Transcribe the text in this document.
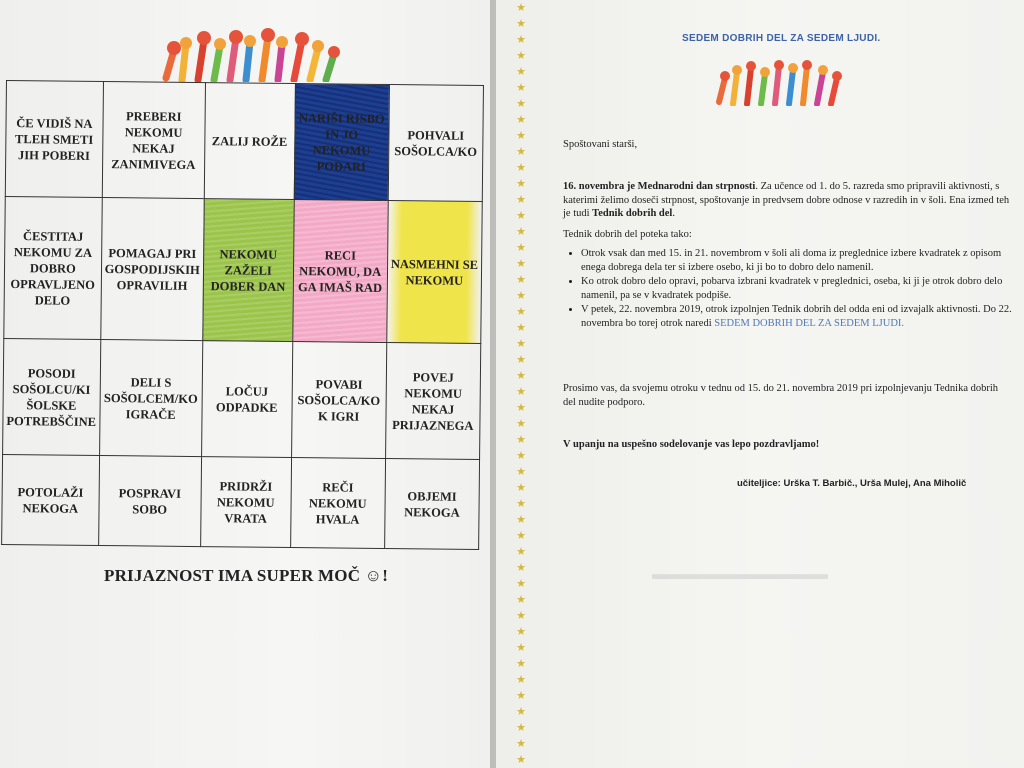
ČE VIDIŠ NA TLEH SMETI JIH POBERI	PREBERI NEKOMU NEKAJ ZANIMIVEGA	ZALIJ ROŽE	NARIŠI RISBO IN JO NEKOMU PODARI	POHVALI SOŠOLCA/KO
ČESTITAJ NEKOMU ZA DOBRO OPRAVLJENO DELO	POMAGAJ PRI GOSPODIJSKIH OPRAVILIH	NEKOMU ZAŽELI DOBER DAN	RECI NEKOMU, DA GA IMAŠ RAD	NASMEHNI SE NEKOMU
POSODI SOŠOLCU/KI ŠOLSKE POTREBŠČINE	DELI S SOŠOLCEM/KO IGRAČE	LOČUJ ODPADKE	POVABI SOŠOLCA/KO K IGRI	POVEJ NEKOMU NEKAJ PRIJAZNEGA
POTOLAŽI NEKOGA	POSPRAVI SOBO	PRIDRŽI NEKOMU VRATA	REČI NEKOMU HVALA	OBJEMI NEKOGA
PRIJAZNOST IMA SUPER MOČ ☺!
★
★
★
★
★
★
★
★
★
★
★
★
★
★
★
★
★
★
★
★
★
★
★
★
★
★
★
★
★
★
★
★
★
★
★
★
★
★
★
★
★
★
★
★
★
★
★
★
SEDEM DOBRIH DEL ZA SEDEM LJUDI.
▬▬▬▬▬▬▬▬▬▬▬
Spoštovani starši,
16. novembra je Mednarodni dan strpnosti. Za učence od 1. do 5. razreda smo pripravili aktivnosti, s katerimi želimo doseči strpnost, spoštovanje in predvsem dobre odnose v razredih in v šoli. Ena izmed teh je tudi Tednik dobrih del.
Tednik dobrih del poteka tako:
• Otrok vsak dan med 15. in 21. novembrom v šoli ali doma iz preglednice izbere kvadratek z opisom enega dobrega dela ter si izbere osebo, ki ji bo to dobro delo namenil.
• Ko otrok dobro delo opravi, pobarva izbrani kvadratek v preglednici, oseba, ki ji je otrok dobro delo namenil, pa se v kvadratek podpiše.
• V petek, 22. novembra 2019, otrok izpolnjen Tednik dobrih del odda eni od izvajalk aktivnosti. Do 22. novembra bo torej otrok naredi SEDEM DOBRIH DEL ZA SEDEM LJUDI.
Prosimo vas, da svojemu otroku v tednu od 15. do 21. novembra 2019 pri izpolnjevanju Tednika dobrih del nudite podporo.
V upanju na uspešno sodelovanje vas lepo pozdravljamo!
učiteljice: Urška T. Barbič., Urša Mulej, Ana Miholič
